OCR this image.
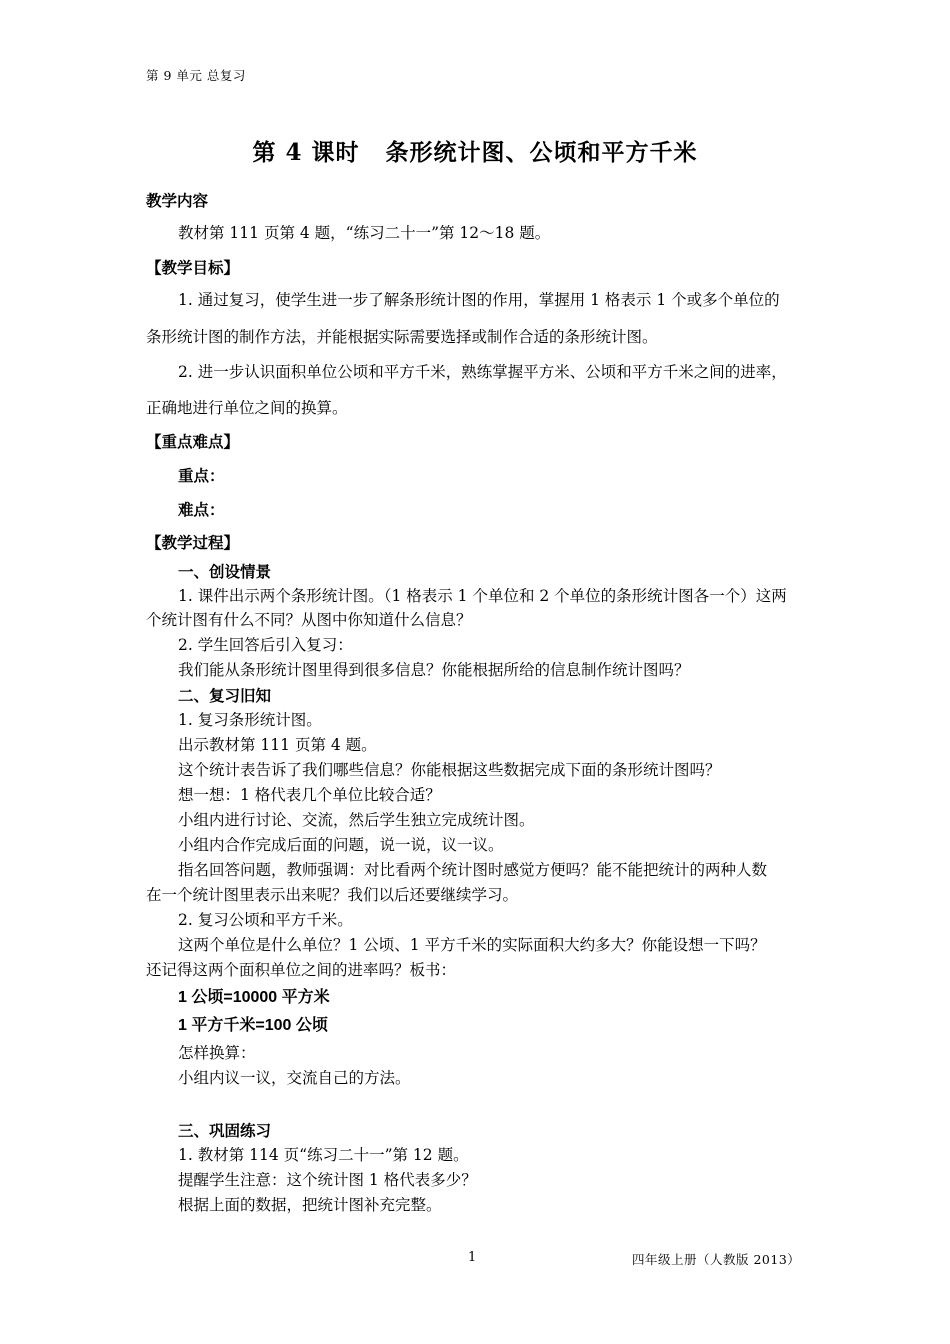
第 9 单元 总复习
第 4 课时 条形统计图、公顷和平方千米
教学内容
教材第 111 页第 4 题，“练习二十一”第 12～18 题。
【教学目标】
1. 通过复习，使学生进一步了解条形统计图的作用，掌握用 1 格表示 1 个或多个单位的
条形统计图的制作方法，并能根据实际需要选择或制作合适的条形统计图。
2. 进一步认识面积单位公顷和平方千米，熟练掌握平方米、公顷和平方千米之间的进率，
正确地进行单位之间的换算。
【重点难点】
重点：
难点：
【教学过程】
一、创设情景
1. 课件出示两个条形统计图。（1 格表示 1 个单位和 2 个单位的条形统计图各一个）这两
个统计图有什么不同？从图中你知道什么信息？
2. 学生回答后引入复习：
我们能从条形统计图里得到很多信息？你能根据所给的信息制作统计图吗？
二、复习旧知
1. 复习条形统计图。
出示教材第 111 页第 4 题。
这个统计表告诉了我们哪些信息？你能根据这些数据完成下面的条形统计图吗？
想一想：1 格代表几个单位比较合适？
小组内进行讨论、交流，然后学生独立完成统计图。
小组内合作完成后面的问题，说一说，议一议。
指名回答问题，教师强调：对比看两个统计图时感觉方便吗？能不能把统计的两种人数
在一个统计图里表示出来呢？我们以后还要继续学习。
2. 复习公顷和平方千米。
这两个单位是什么单位？1 公顷、1 平方千米的实际面积大约多大？你能设想一下吗？
还记得这两个面积单位之间的进率吗？板书：
1 公顷=10000 平方米
1 平方千米=100 公顷
怎样换算：
小组内议一议，交流自己的方法。
三、巩固练习
1. 教材第 114 页“练习二十一”第 12 题。
提醒学生注意：这个统计图 1 格代表多少？
根据上面的数据，把统计图补充完整。
1	四年级上册（人教版 2013）
